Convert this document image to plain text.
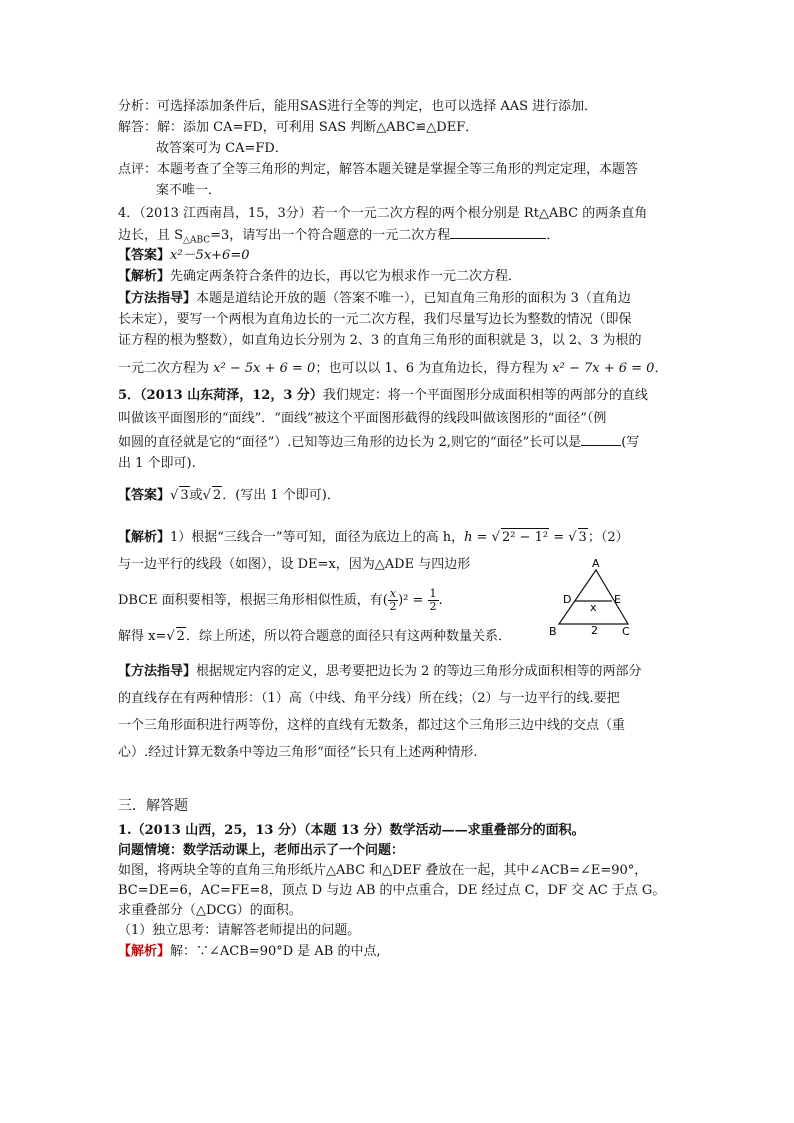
分析：可选择添加条件后，能用SAS进行全等的判定，也可以选择 AAS 进行添加．
解答：解：添加 CA=FD，可利用 SAS 判断△ABC≌△DEF．
故答案可为 CA=FD．
点评：本题考查了全等三角形的判定，解答本题关键是掌握全等三角形的判定定理，本题答
案不唯一．
4．（2013 江西南昌，15，3分）若一个一元二次方程的两个根分别是 Rt△ABC 的两条直角
边长，且 $S_{\triangle ABC}=3$，请写出一个符合题意的一元二次方程	．
【答案】x²－5x+6=0
【解析】先确定两条符合条件的边长，再以它为根求作一元二次方程．
【方法指导】本题是道结论开放的题（答案不唯一），已知直角三角形的面积为 3（直角边
长未定），要写一个两根为直角边长的一元二次方程，我们尽量写边长为整数的情况（即保
证方程的根为整数），如直角边长分别为 2、3 的直角三角形的面积就是 3，以 2、3 为根的
一元二次方程为 x² − 5x + 6 = 0；也可以以 1、6 为直角边长，得方程为 x² − 7x + 6 = 0．
5．（2013 山东菏泽，12，3 分）我们规定：将一个平面图形分成面积相等的两部分的直线
叫做该平面图形的“面线”．“面线”被这个平面图形截得的线段叫做该图形的“面径”（例
如圆的直径就是它的“面径”）.已知等边三角形的边长为 2,则它的“面径”长可以是	(写
出 1 个即可).
【答案】√ 3或√ 2．(写出 1 个即可)．
【解析】1）根据“三线合一”等可知，面径为底边上的高 h，h = √ 2² − 1² = √ 3；（2）
与一边平行的线段（如图），设 DE=x，因为△ADE 与四边形
DBCE 面积要相等，根据三角形相似性质，有( $\frac{x}{2} )^2 = \frac{1}{2}$ .
解得 x=√ 2．综上所述，所以符合题意的面径只有这两种数量关系．
A
B	C
D	E
x
2
【方法指导】根据规定内容的定义，思考要把边长为 2 的等边三角形分成面积相等的两部分
的直线存在有两种情形：（1）高（中线、角平分线）所在线；（2）与一边平行的线.要把
一个三角形面积进行两等份，这样的直线有无数条，都过这个三角形三边中线的交点（重
心）.经过计算无数条中等边三角形“面径”长只有上述两种情形.
三．解答题
1.（2013 山西，25，13 分）（本题 13 分）数学活动——求重叠部分的面积。
问题情境：数学活动课上，老师出示了一个问题：
如图，将两块全等的直角三角形纸片△ABC 和△DEF 叠放在一起，其中∠ACB=∠E=90°，
BC=DE=6，AC=FE=8，顶点 D 与边 AB 的中点重合，DE 经过点 C，DF 交 AC 于点 G。
求重叠部分（△DCG）的面积。
（1）独立思考：请解答老师提出的问题。
【解析】解：∵∠ACB=90°D 是 AB 的中点,
